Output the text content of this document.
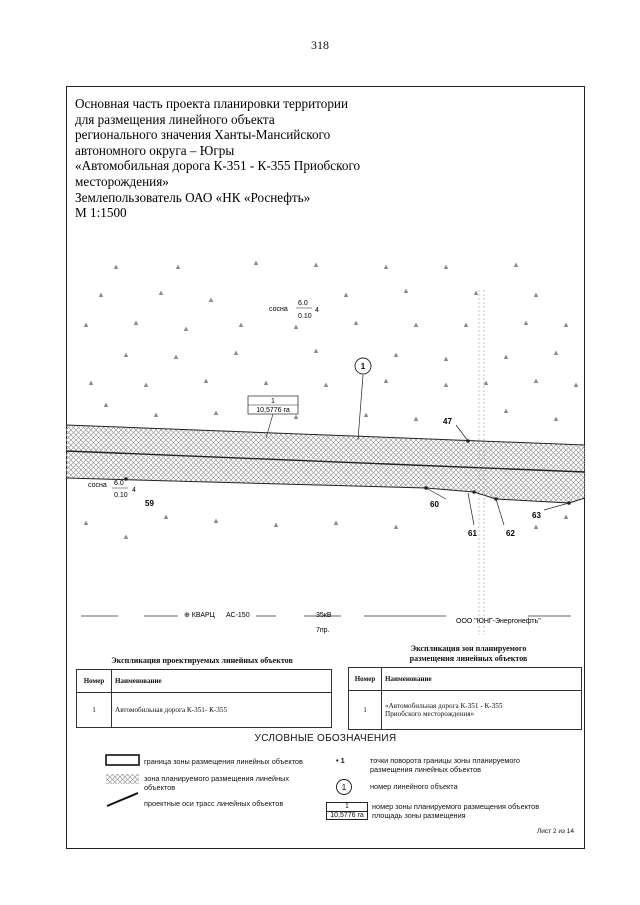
318
Основная часть проекта планировки территории
для размещения линейного объекта
регионального значения Ханты-Мансийского
автономного округа – Югры
«Автомобильная дорога К-351 - К-355 Приобского
месторождения»
Землепользователь ОАО «НК «Роснефть»
М 1:1500
47
59	60
61	62
63
1
1
10,5776 га
сосна
6.0
0.10
4
сосна 6.0
0.10
4
⊕ КВАРЦ АС-150	35кВ
7пр.
ООО "ЮНГ-Энергонефть"
Экспликация проектируемых линейных объектов
Номер	Наименование
1	Автомобильная дорога К-351- К-355
Экспликация зон планируемого
размещения линейных объектов
Номер	Наименование
1	«Автомобильная дорога К-351 - К-355
Приобского месторождения»
УСЛОВНЫЕ ОБОЗНАЧЕНИЯ
граница зоны размещения линейных объектов
зона планируемого размещения линейных
объектов
проектные оси трасс линейных объектов
• 1	точки поворота границы зоны планируемого
размещения линейных объектов
1	номер линейного объекта
1
10,5776 га
номер зоны планируемого размещения объектов
площадь зоны размещения
Лист 2 из 14
